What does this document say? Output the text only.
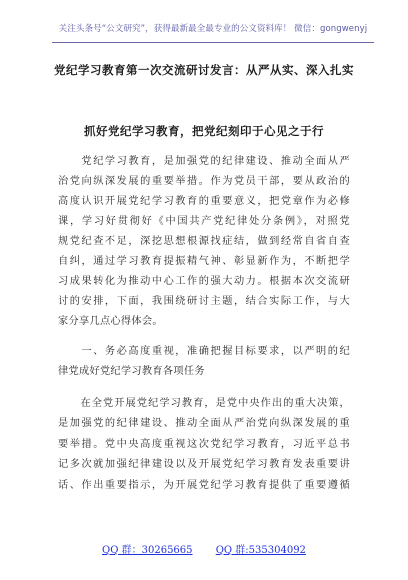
关注头条号“公文研究”，获得最新最全最专业的公文资料库！ 微信：gongwenyj
党纪学习教育第一次交流研讨发言：从严从实、深入扎实
抓好党纪学习教育，把党纪刻印于心见之于行
　　党纪学习教育，是加强党的纪律建设、推动全面从严
治党向纵深发展的重要举措。作为党员干部，要从政治的
高度认识开展党纪学习教育的重要意义，把党章作为必修
课，学习好贯彻好《中国共产党纪律处分条例》，对照党
规党纪查不足，深挖思想根源找症结，做到经常自省自查
自纠，通过学习教育提振精气神、彰显新作为，不断把学
习成果转化为推动中心工作的强大动力。根据本次交流研
讨的安排，下面，我围绕研讨主题，结合实际工作，与大
家分享几点心得体会。
　　一、务必高度重视，准确把握目标要求，以严明的纪
律党成好党纪学习教育各项任务
　　在全党开展党纪学习教育，是党中央作出的重大决策，
是加强党的纪律建设、推动全面从严治党向纵深发展的重
要举措。党中央高度重视这次党纪学习教育，习近平总书
记多次就加强纪律建设以及开展党纪学习教育发表重要讲
话、作出重要指示，为开展党纪学习教育提供了重要遵循
QQ 群：30265665 QQ 群:535304092
